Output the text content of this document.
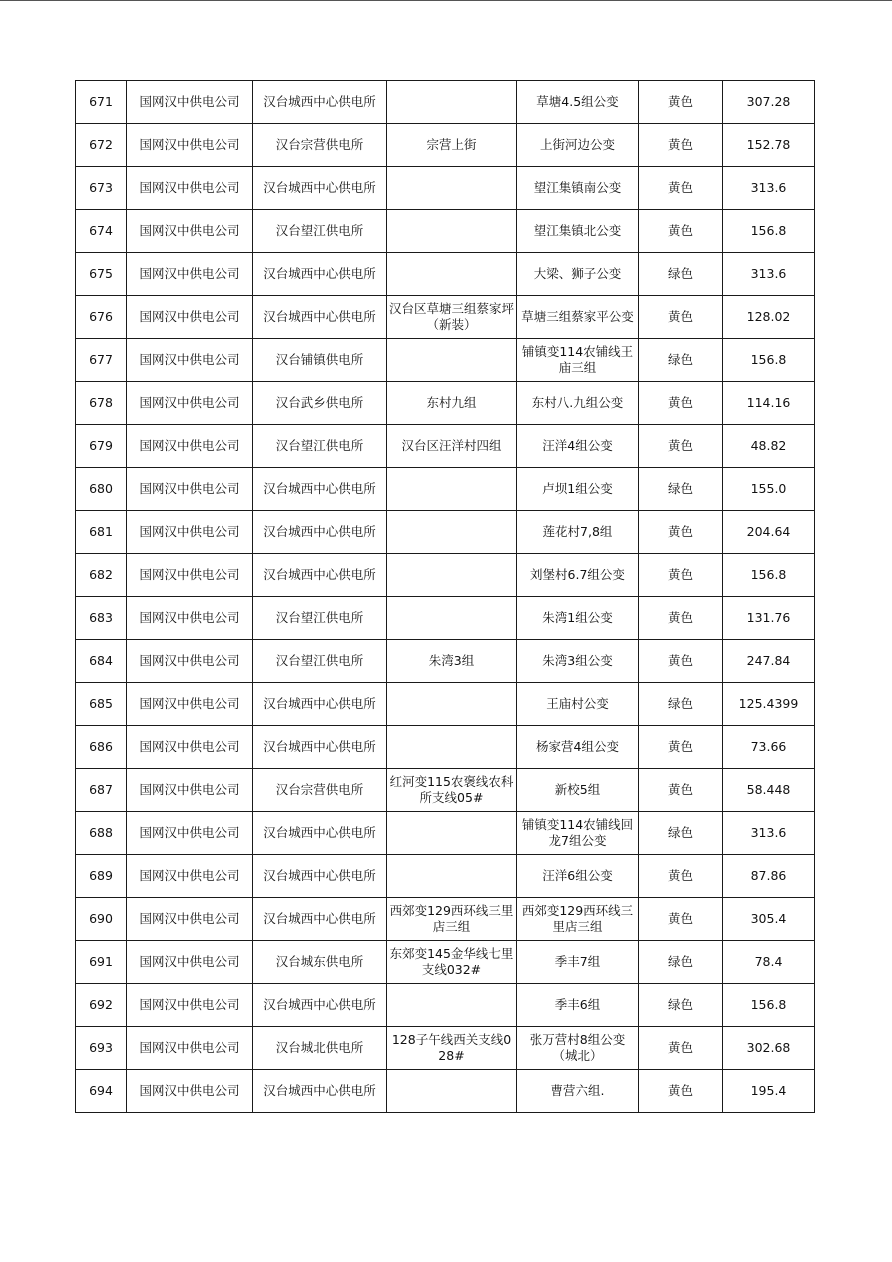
671	国网汉中供电公司	汉台城西中心供电所		草塘4.5组公变	黄色	307.28
672	国网汉中供电公司	汉台宗营供电所	宗营上街	上街河边公变	黄色	152.78
673	国网汉中供电公司	汉台城西中心供电所		望江集镇南公变	黄色	313.6
674	国网汉中供电公司	汉台望江供电所		望江集镇北公变	黄色	156.8
675	国网汉中供电公司	汉台城西中心供电所		大梁、狮子公变	绿色	313.6
676	国网汉中供电公司	汉台城西中心供电所	汉台区草塘三组蔡家坪（新装）	草塘三组蔡家平公变	黄色	128.02
677	国网汉中供电公司	汉台铺镇供电所		铺镇变114农铺线王庙三组	绿色	156.8
678	国网汉中供电公司	汉台武乡供电所	东村九组	东村八.九组公变	黄色	114.16
679	国网汉中供电公司	汉台望江供电所	汉台区汪洋村四组	汪洋4组公变	黄色	48.82
680	国网汉中供电公司	汉台城西中心供电所		卢坝1组公变	绿色	155.0
681	国网汉中供电公司	汉台城西中心供电所		莲花村7,8组	黄色	204.64
682	国网汉中供电公司	汉台城西中心供电所		刘堡村6.7组公变	黄色	156.8
683	国网汉中供电公司	汉台望江供电所		朱湾1组公变	黄色	131.76
684	国网汉中供电公司	汉台望江供电所	朱湾3组	朱湾3组公变	黄色	247.84
685	国网汉中供电公司	汉台城西中心供电所		王庙村公变	绿色	125.4399
686	国网汉中供电公司	汉台城西中心供电所		杨家营4组公变	黄色	73.66
687	国网汉中供电公司	汉台宗营供电所	红河变115农褒线农科所支线05#	新校5组	黄色	58.448
688	国网汉中供电公司	汉台城西中心供电所		铺镇变114农铺线回龙7组公变	绿色	313.6
689	国网汉中供电公司	汉台城西中心供电所		汪洋6组公变	黄色	87.86
690	国网汉中供电公司	汉台城西中心供电所	西郊变129西环线三里店三组	西郊变129西环线三里店三组	黄色	305.4
691	国网汉中供电公司	汉台城东供电所	东郊变145金华线七里支线032#	季丰7组	绿色	78.4
692	国网汉中供电公司	汉台城西中心供电所		季丰6组	绿色	156.8
693	国网汉中供电公司	汉台城北供电所	128子午线西关支线028#	张万营村8组公变（城北）	黄色	302.68
694	国网汉中供电公司	汉台城西中心供电所		曹营六组.	黄色	195.4
